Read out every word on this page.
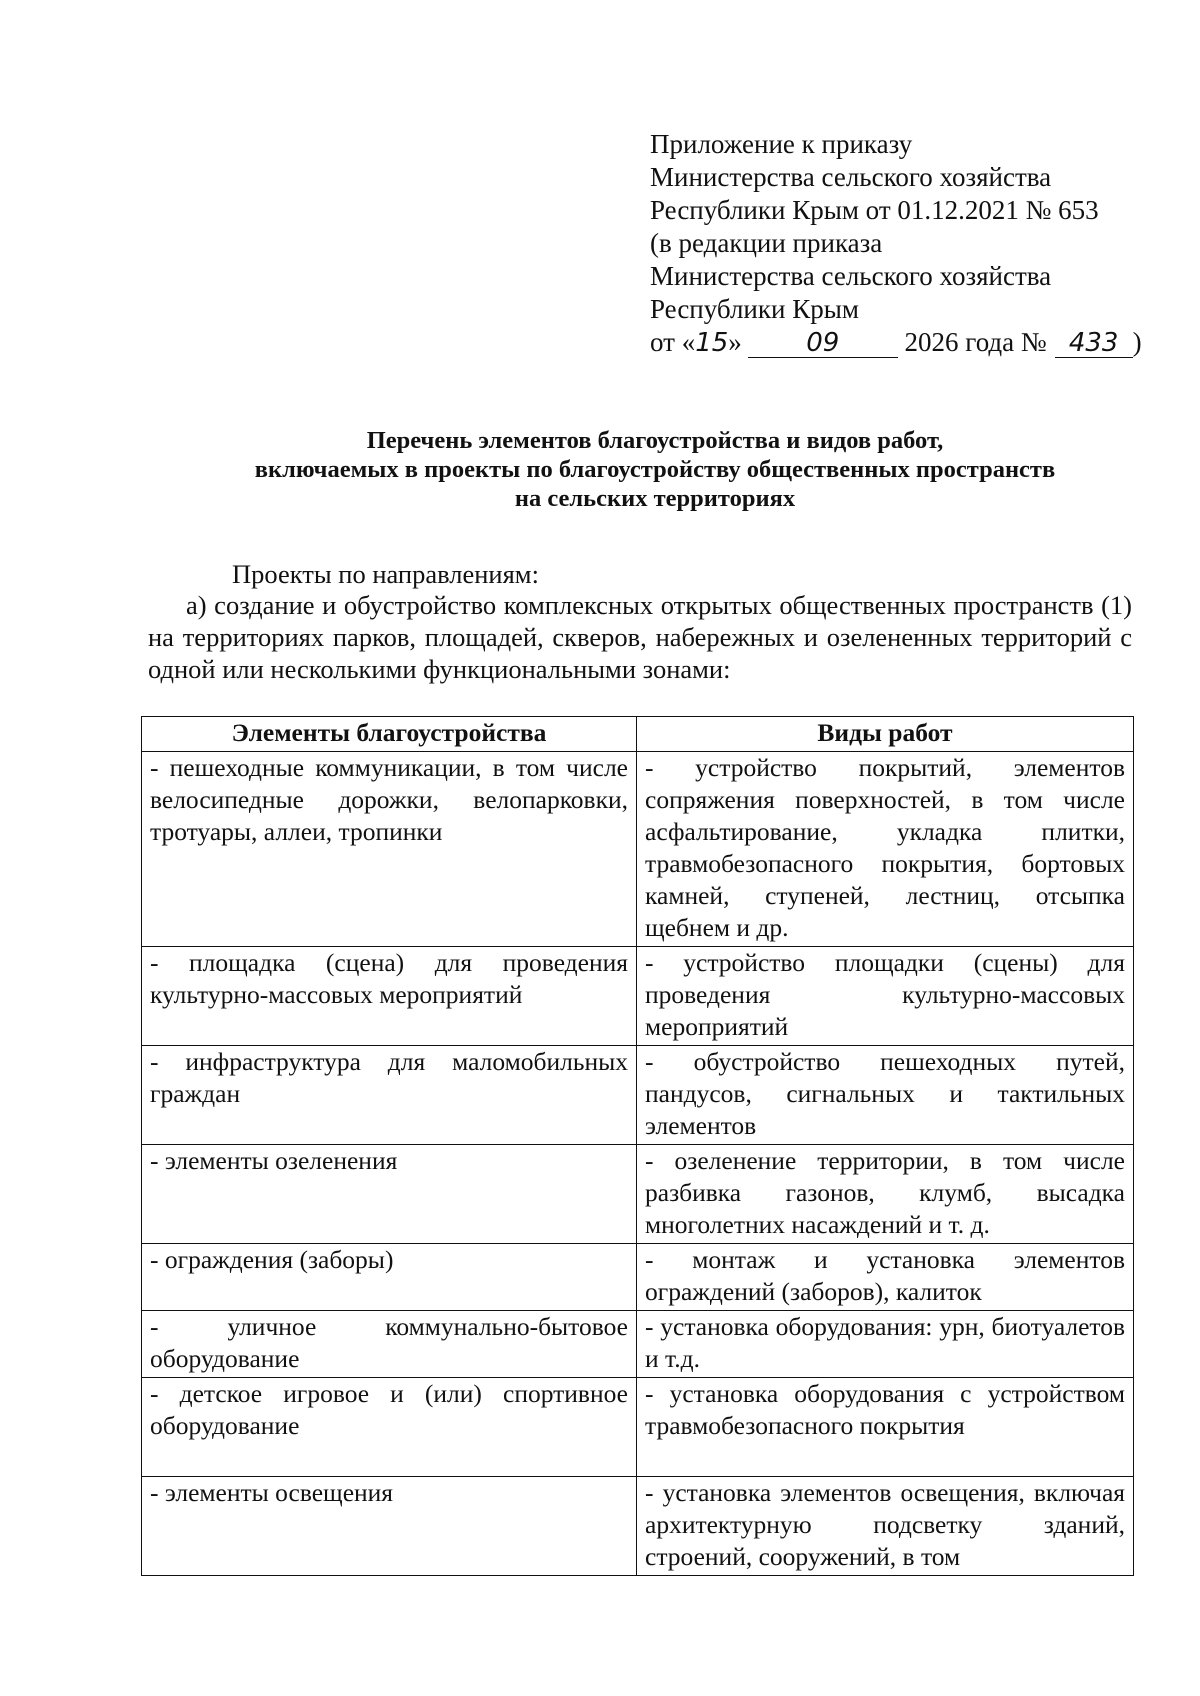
Приложение к приказу
Министерства сельского хозяйства
Республики Крым от 01.12.2021 № 653
(в редакции приказа
Министерства сельского хозяйства
Республики Крым
от «15» 09 2026 года № 433 )
Перечень элементов благоустройства и видов работ,
включаемых в проекты по благоустройству общественных пространств
на сельских территориях
Проекты по направлениям:
а) создание и обустройство комплексных открытых общественных пространств (1) на территориях парков, площадей, скверов, набережных и озелененных территорий с одной или несколькими функциональными зонами:
Элементы благоустройства	Виды работ
- пешеходные коммуникации, в том числе велосипедные дорожки, велопарковки, тротуары, аллеи, тропинки	- устройство покрытий, элементов сопряжения поверхностей, в том числе асфальтирование, укладка плитки, травмобезопасного покрытия, бортовых камней, ступеней, лестниц, отсыпка щебнем и др.
- площадка (сцена) для проведения культурно-массовых мероприятий	- устройство площадки (сцены) для проведения культурно-массовых мероприятий
- инфраструктура для маломобильных граждан	- обустройство пешеходных путей, пандусов, сигнальных и тактильных элементов
- элементы озеленения	- озеленение территории, в том числе разбивка газонов, клумб, высадка многолетних насаждений и т. д.
- ограждения (заборы)	- монтаж и установка элементов ограждений (заборов), калиток
- уличное коммунально-бытовое оборудование	- установка оборудования: урн, биотуалетов и т.д.
- детское игровое и (или) спортивное оборудование	- установка оборудования с устройством травмобезопасного покрытия
- элементы освещения	- установка элементов освещения, включая архитектурную подсветку зданий, строений, сооружений, в том
